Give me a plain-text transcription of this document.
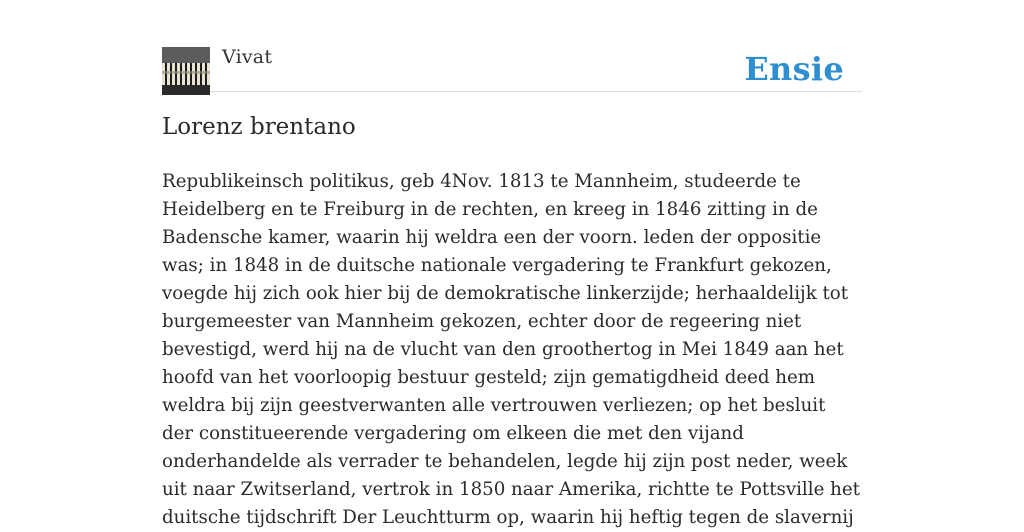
Vivat	Ensie
Lorenz brentano

Republikeinsch politikus, geb 4Nov. 1813 te Mannheim, studeerde te Heidelberg en te Freiburg in de rechten, en kreeg in 1846 zitting in de Badensche kamer, waarin hij weldra een der voorn. leden der oppositie was; in 1848 in de duitsche nationale vergadering te Frankfurt gekozen, voegde hij zich ook hier bij de demokratische linkerzijde; herhaaldelijk tot burgemeester van Mannheim gekozen, echter door de regeering niet bevestigd, werd hij na de vlucht van den groothertog in Mei 1849 aan het hoofd van het voorloopig bestuur gesteld; zijn gematigdheid deed hem weldra bij zijn geestverwanten alle vertrouwen verliezen; op het besluit der constitueerende vergadering om elkeen die met den vijand onderhandelde als verrader te behandelen, legde hij zijn post neder, week uit naar Zwitserland, vertrok in 1850 naar Amerika, richtte te Pottsville het duitsche tijdschrift Der Leuchtturm op, waarin hij heftig tegen de slavernij
